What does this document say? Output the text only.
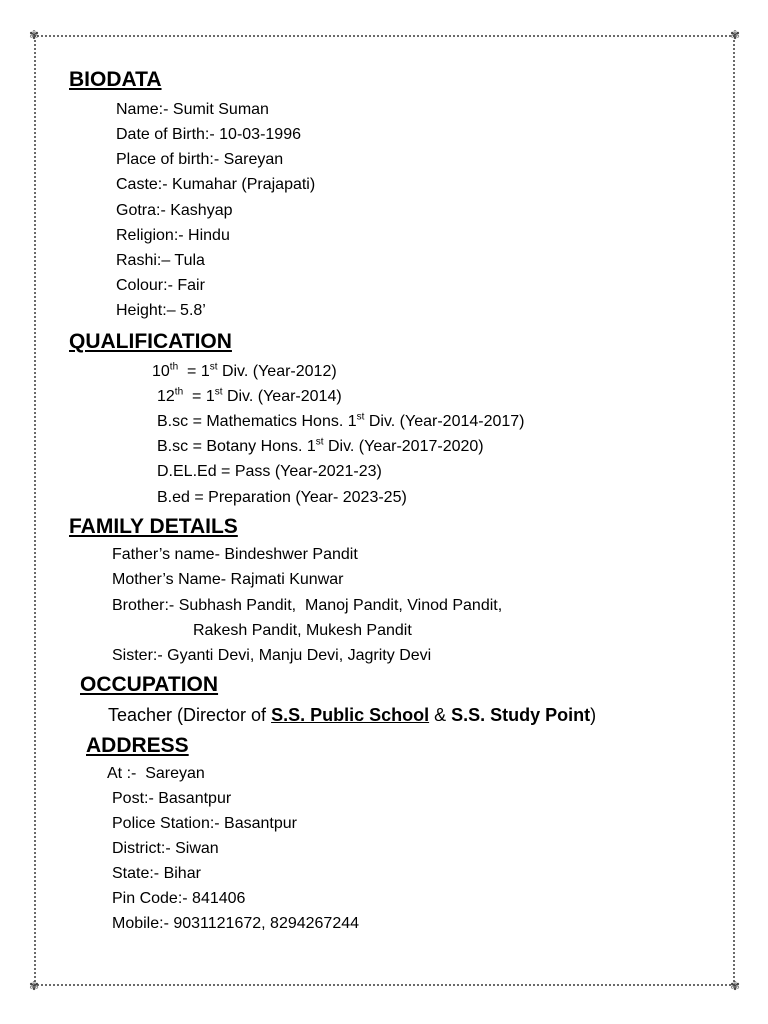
✾	✾
✾	✾
BIODATA
Name:- Sumit Suman
Date of Birth:- 10-03-1996
Place of birth:- Sareyan
Caste:- Kumahar (Prajapati)
Gotra:- Kashyap
Religion:- Hindu
Rashi:– Tula
Colour:- Fair
Height:– 5.8’
QUALIFICATION
10th  = 1st Div. (Year-2012)
12th  = 1st Div. (Year-2014)
B.sc = Mathematics Hons. 1st Div. (Year-2014-2017)
B.sc = Botany Hons. 1st Div. (Year-2017-2020)
D.EL.Ed = Pass (Year-2021-23)
B.ed = Preparation (Year- 2023-25)
FAMILY DETAILS
Father’s name- Bindeshwer Pandit
Mother’s Name- Rajmati Kunwar
Brother:- Subhash Pandit,  Manoj Pandit, Vinod Pandit,
Rakesh Pandit, Mukesh Pandit
Sister:- Gyanti Devi, Manju Devi, Jagrity Devi
OCCUPATION
Teacher (Director of S.S. Public School & S.S. Study Point)
ADDRESS
At :-  Sareyan
Post:- Basantpur
Police Station:- Basantpur
District:- Siwan
State:- Bihar
Pin Code:- 841406
Mobile:- 9031121672, 8294267244
